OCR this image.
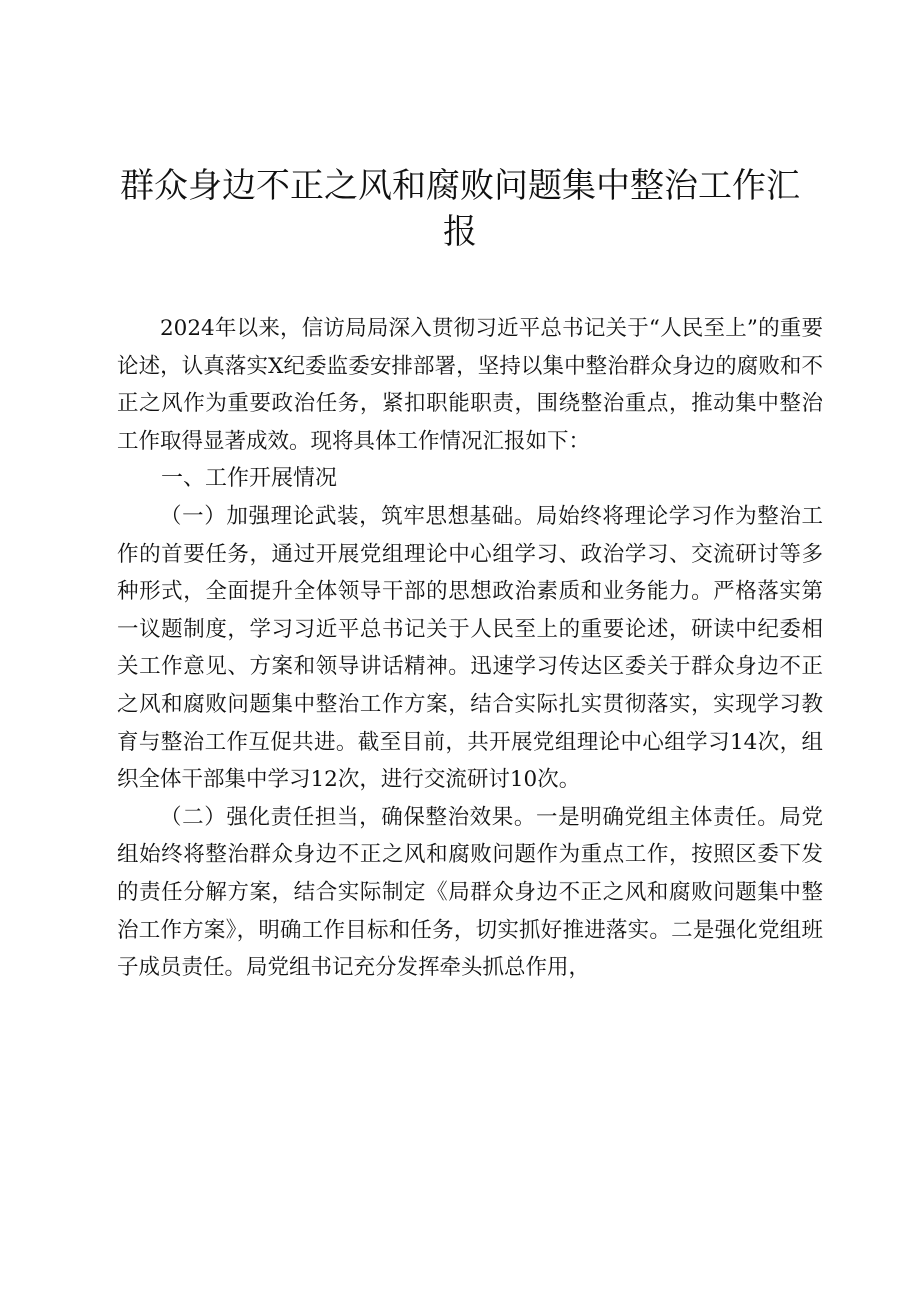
群众身边不正之风和腐败问题集中整治工作汇报

2024年以来，信访局局深入贯彻习近平总书记关于“人民至上”的重要论述，认真落实X纪委监委安排部署，坚持以集中整治群众身边的腐败和不正之风作为重要政治任务，紧扣职能职责，围绕整治重点，推动集中整治工作取得显著成效。现将具体工作情况汇报如下：

一、工作开展情况

（一）加强理论武装，筑牢思想基础。局始终将理论学习作为整治工作的首要任务，通过开展党组理论中心组学习、政治学习、交流研讨等多种形式，全面提升全体领导干部的思想政治素质和业务能力。严格落实第一议题制度，学习习近平总书记关于人民至上的重要论述，研读中纪委相关工作意见、方案和领导讲话精神。迅速学习传达区委关于群众身边不正之风和腐败问题集中整治工作方案，结合实际扎实贯彻落实，实现学习教育与整治工作互促共进。截至目前，共开展党组理论中心组学习14次，组织全体干部集中学习12次，进行交流研讨10次。

（二）强化责任担当，确保整治效果。一是明确党组主体责任。局党组始终将整治群众身边不正之风和腐败问题作为重点工作，按照区委下发的责任分解方案，结合实际制定《局群众身边不正之风和腐败问题集中整治工作方案》，明确工作目标和任务，切实抓好推进落实。二是强化党组班子成员责任。局党组书记充分发挥牵头抓总作用，
